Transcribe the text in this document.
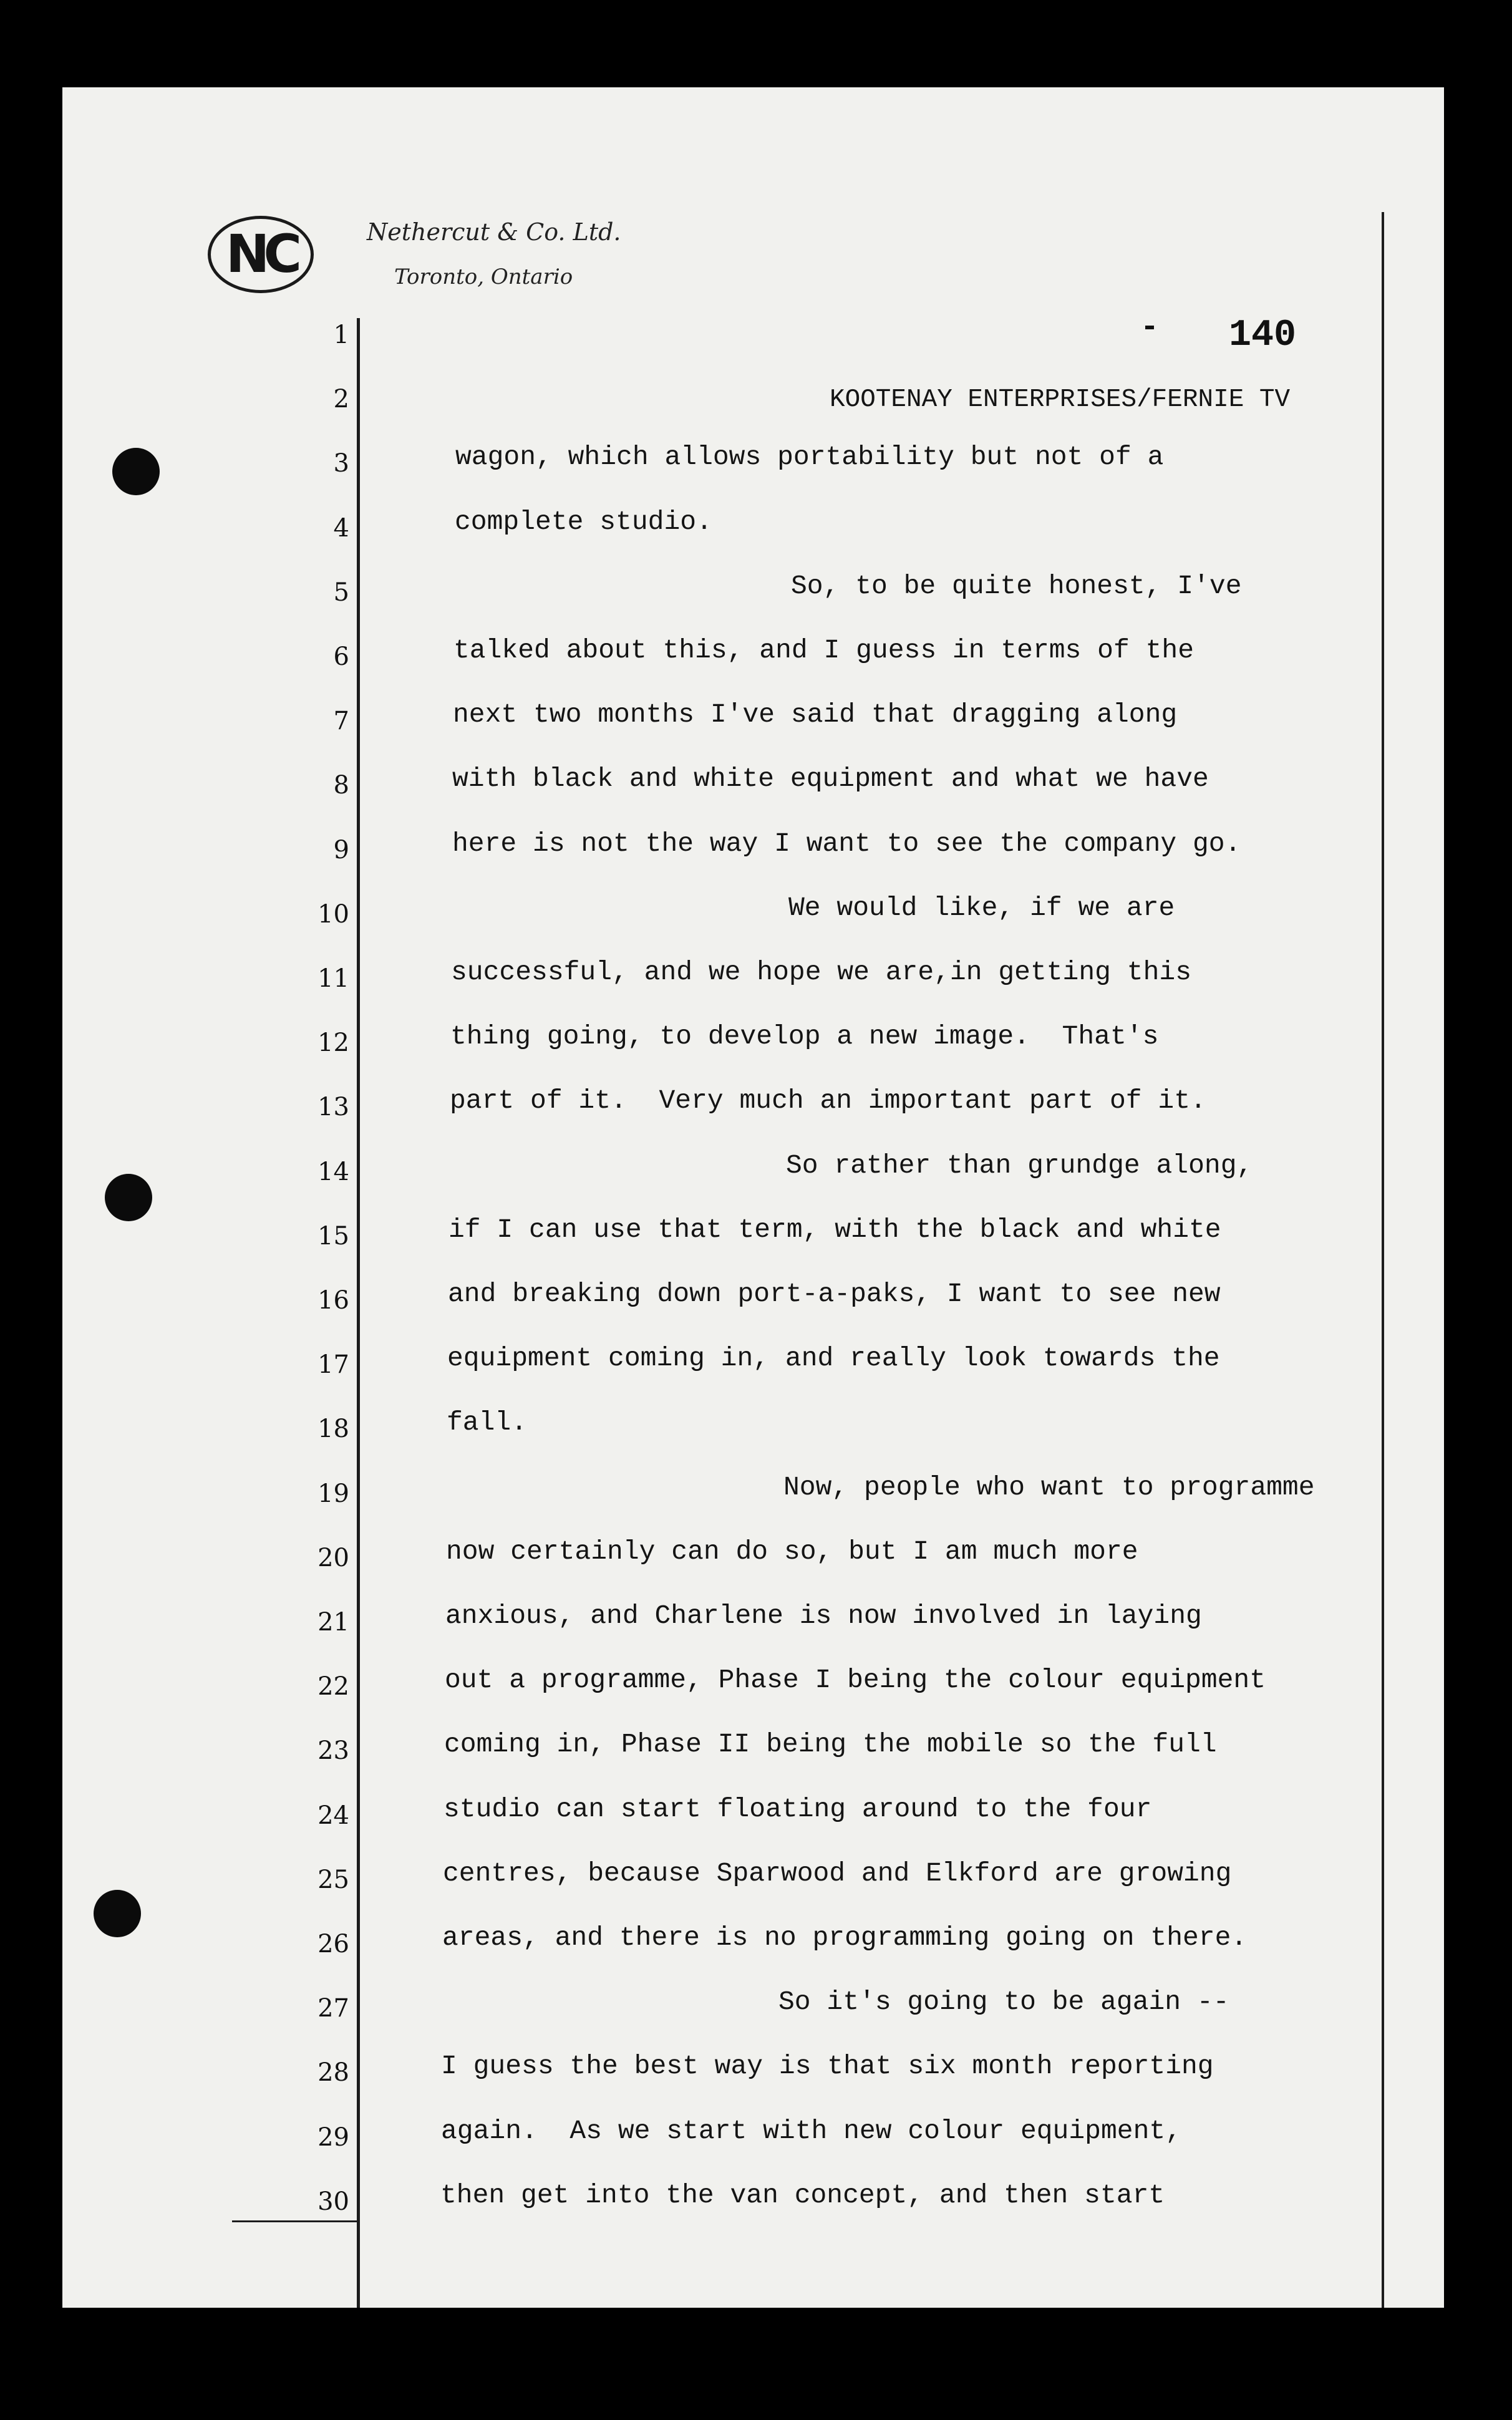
NC	Nethercut & Co. Ltd.
Toronto, Ontario
140
KOOTENAY ENTERPRISES/FERNIE TV
1
2
3
4
5
6
7
8
9
10
11
12
13
14
15
16
17
18
19
20
21
22
23
24
25
26
27
28
29
30
wagon, which allows portability but not of a
complete studio.
So, to be quite honest, I've
talked about this, and I guess in terms of the
next two months I've said that dragging along
with black and white equipment and what we have
here is not the way I want to see the company go.
We would like, if we are
successful, and we hope we are,in getting this
thing going, to develop a new image.  That's
part of it.  Very much an important part of it.
So rather than grundge along,
if I can use that term, with the black and white
and breaking down port-a-paks, I want to see new
equipment coming in, and really look towards the
fall.
Now, people who want to programme
now certainly can do so, but I am much more
anxious, and Charlene is now involved in laying
out a programme, Phase I being the colour equipment
coming in, Phase II being the mobile so the full
studio can start floating around to the four
centres, because Sparwood and Elkford are growing
areas, and there is no programming going on there.
So it's going to be again --
I guess the best way is that six month reporting
again.  As we start with new colour equipment,
then get into the van concept, and then start
